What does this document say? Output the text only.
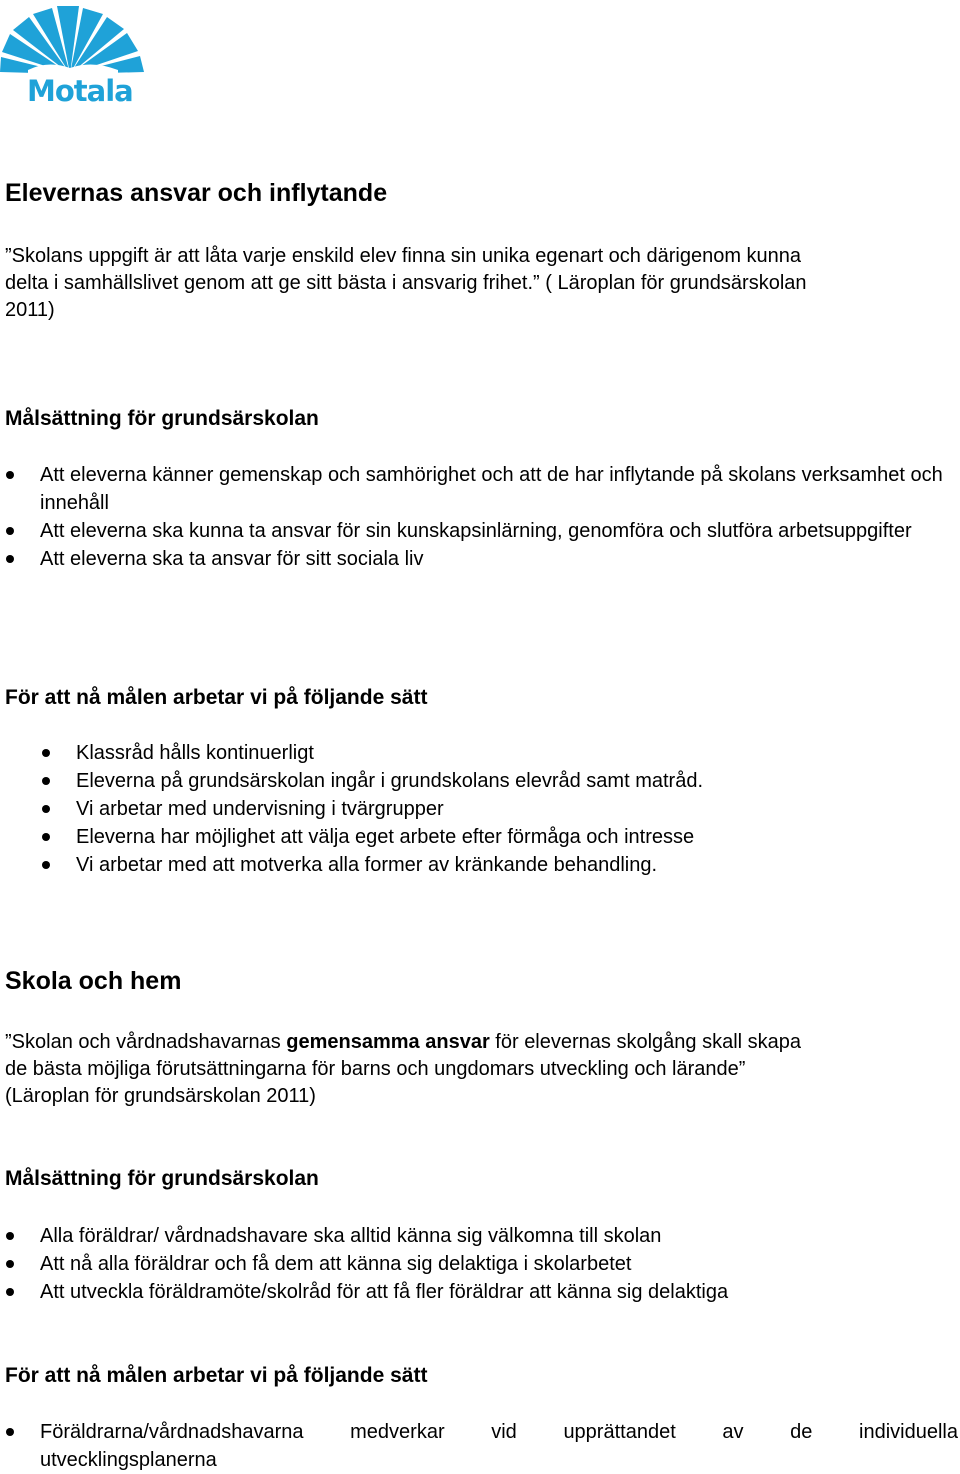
Motala
Elevernas ansvar och inflytande
”Skolans uppgift är att låta varje enskild elev finna sin unika egenart och därigenom kunna
delta i samhällslivet genom att ge sitt bästa i ansvarig frihet.” ( Läroplan för grundsärskolan
2011)
Målsättning för grundsärskolan
Att eleverna känner gemenskap och samhörighet och att de har inflytande på skolans verksamhet och innehåll
Att eleverna ska kunna ta ansvar för sin kunskapsinlärning, genomföra och slutföra arbetsuppgifter
Att eleverna ska ta ansvar för sitt sociala liv
För att nå målen arbetar vi på följande sätt
Klassråd hålls kontinuerligt
Eleverna på grundsärskolan ingår i grundskolans elevråd samt matråd.
Vi arbetar med undervisning i tvärgrupper
Eleverna har möjlighet att välja eget arbete efter förmåga och intresse
Vi arbetar med att motverka alla former av kränkande behandling.
Skola och hem
”Skolan och vårdnadshavarnas gemensamma ansvar för elevernas skolgång skall skapa
de bästa möjliga förutsättningarna för barns och ungdomars utveckling och lärande”
(Läroplan för grundsärskolan 2011)
Målsättning för grundsärskolan
Alla föräldrar/ vårdnadshavare ska alltid känna sig välkomna till skolan
Att nå alla föräldrar och få dem att känna sig delaktiga i skolarbetet
Att utveckla föräldramöte/skolråd för att få fler föräldrar att känna sig delaktiga
För att nå målen arbetar vi på följande sätt
Föräldrarna/vårdnadshavarna medverkar vid upprättandet av de individuella
utvecklingsplanerna
